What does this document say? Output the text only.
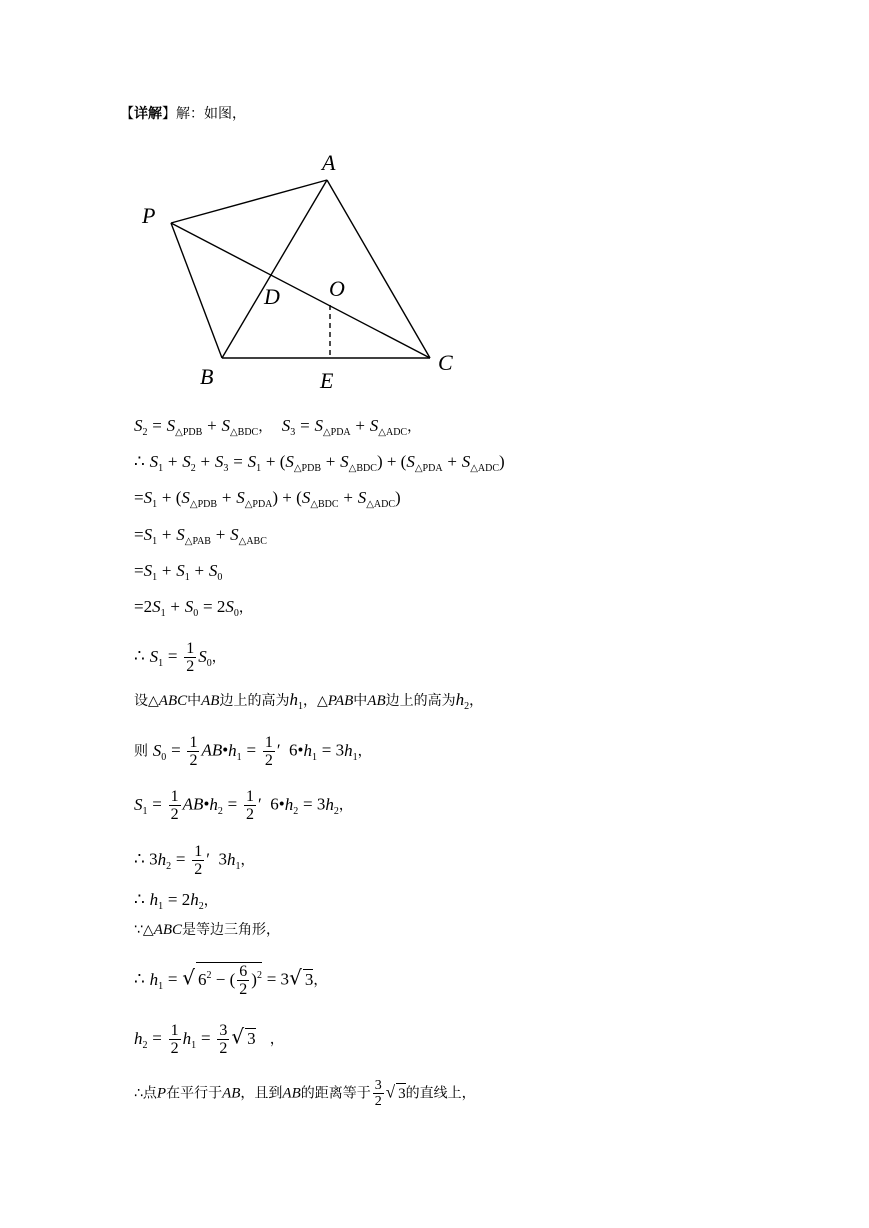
【详解】解：如图，
A
P
D O
B	E
C
$S_2 = S_{\triangle PDB} + S_{\triangle BDC}$， $S_3 = S_{\triangle PDA} + S_{\triangle ADC}$，
∴ $S_1 + S_2 + S_3 = S_1 + (S_{\triangle PDB} + S_{\triangle BDC}) + (S_{\triangle PDA} + S_{\triangle ADC})$
$=S_1 + (S_{\triangle PDB} + S_{\triangle PDA}) + (S_{\triangle BDC} + S_{\triangle ADC})$
$=S_1 + S_{\triangle PAB} + S_{\triangle ABC}$
$=S_1 + S_1 + S_0$
$=2S_1 + S_0 = 2S_0$，
∴ $S_1 = \frac{1}{2} S_0$，
设△ABC中AB边上的高为$h_1$，△PAB中AB边上的高为$h_2$，
则 $S_0 = \frac{1}{2}$ $AB•h_1 = \frac{1}{2}$ ′  $6•h_1 = 3h_1$，
$S_1 = \frac{1}{2}$ $AB•h_2 = \frac{1}{2}$ ′  $6•h_2 = 3h_2$，
∴ $3h_2 = \frac{1}{2}$ ′  $3h_1$，
∴ $h_1 = 2h_2$，
∵△ABC是等边三角形，
∴ $h_1$ = √ $6^2$ − ( $\frac{6}{2} )^2 = 3√$ 3，
$h_2 = \frac{1}{2} h_1 = \frac{3}{2}$ √ 3 ，
∴点P在平行于AB，且到AB的距离等于 $\frac{3}{2}$ √ 3的直线上，
